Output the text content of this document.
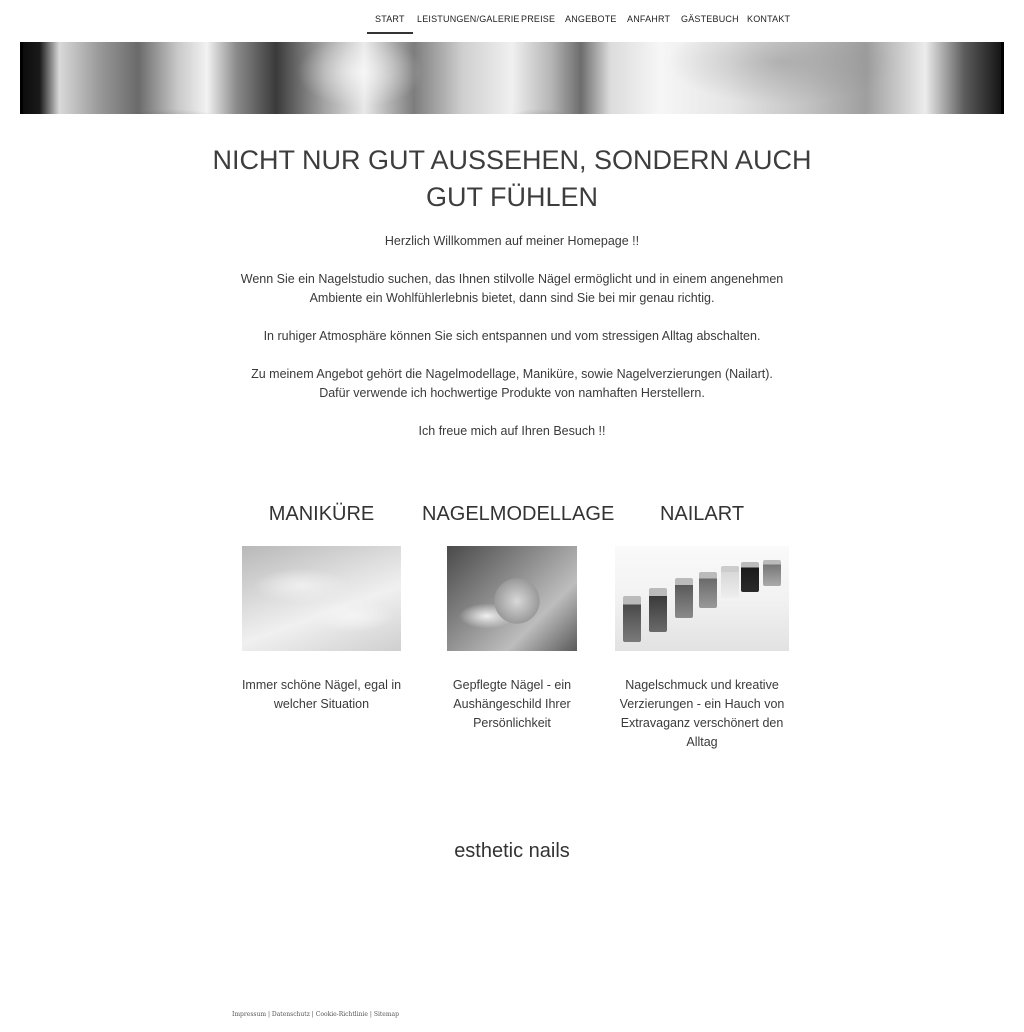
START LEISTUNGEN/GALERIE PREISE ANGEBOTE ANFAHRT GÄSTEBUCH KONTAKT
NICHT NUR GUT AUSSEHEN, SONDERN AUCH
GUT FÜHLEN

Herzlich Willkommen auf meiner Homepage !!

Wenn Sie ein Nagelstudio suchen, das Ihnen stilvolle Nägel ermöglicht und in einem angenehmen
Ambiente ein Wohlfühlerlebnis bietet, dann sind Sie bei mir genau richtig.

In ruhiger Atmosphäre können Sie sich entspannen und vom stressigen Alltag abschalten.

Zu meinem Angebot gehört die Nagelmodellage, Maniküre, sowie Nagelverzierungen (Nailart).
Dafür verwende ich hochwertige Produkte von namhaften Herstellern.

Ich freue mich auf Ihren Besuch !!

MANIKÜRE
Immer schöne Nägel, egal in
welcher Situation
NAGELMODELLAGE
Gepflegte Nägel - ein
Aushängeschild Ihrer
Persönlichkeit
NAILART
Nagelschmuck und kreative
Verzierungen - ein Hauch von
Extravaganz verschönert den
Alltag
esthetic nails
Impressum | Datenschutz | Cookie-Richtlinie | Sitemap
